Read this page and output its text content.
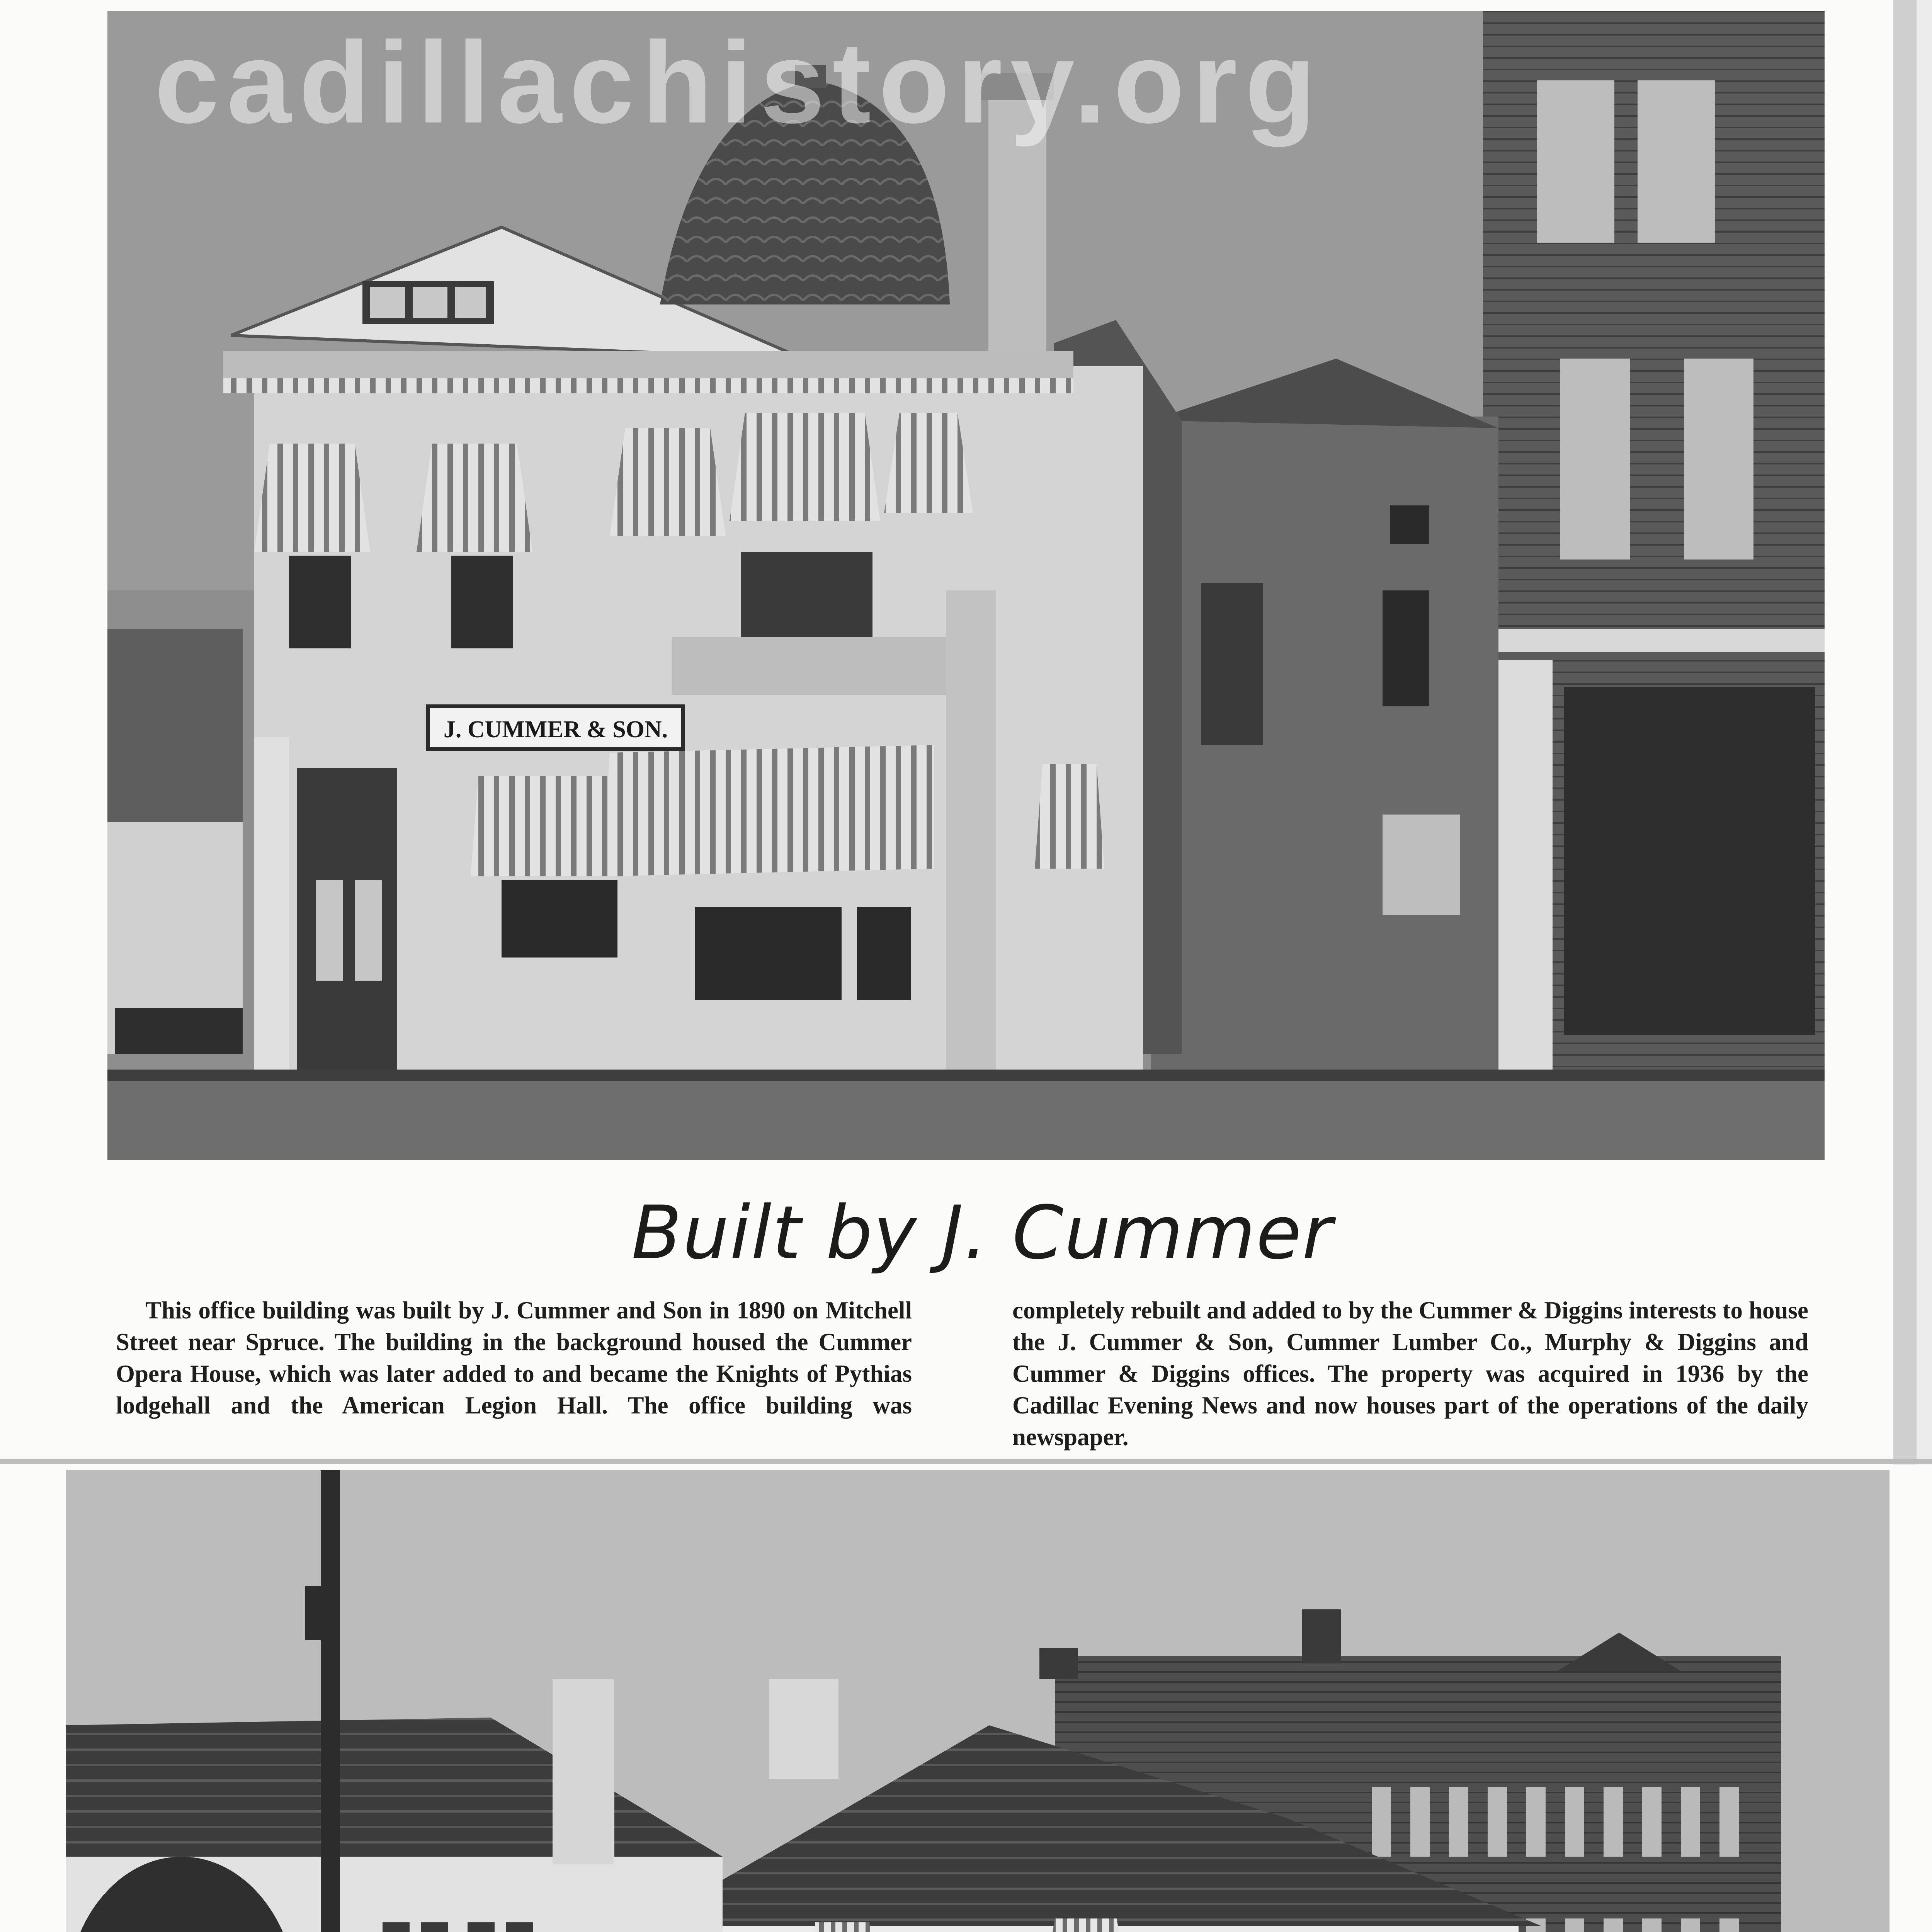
J. CUMMER & SON.
cadillachistory.org
Built by J. Cummer
This office building was built by J. Cummer and Son in 1890 on Mitchell Street near Spruce. The building in the background housed the Cummer Opera House, which was later added to and became the Knights of Pythias lodgehall and the American Legion Hall. The office building was
completely rebuilt and added to by the Cummer & Diggins interests to house the J. Cummer & Son, Cummer Lumber Co., Murphy & Diggins and Cummer & Diggins offices. The property was acquired in 1936 by the Cadillac Evening News and now houses part of the operations of the daily newspaper.
